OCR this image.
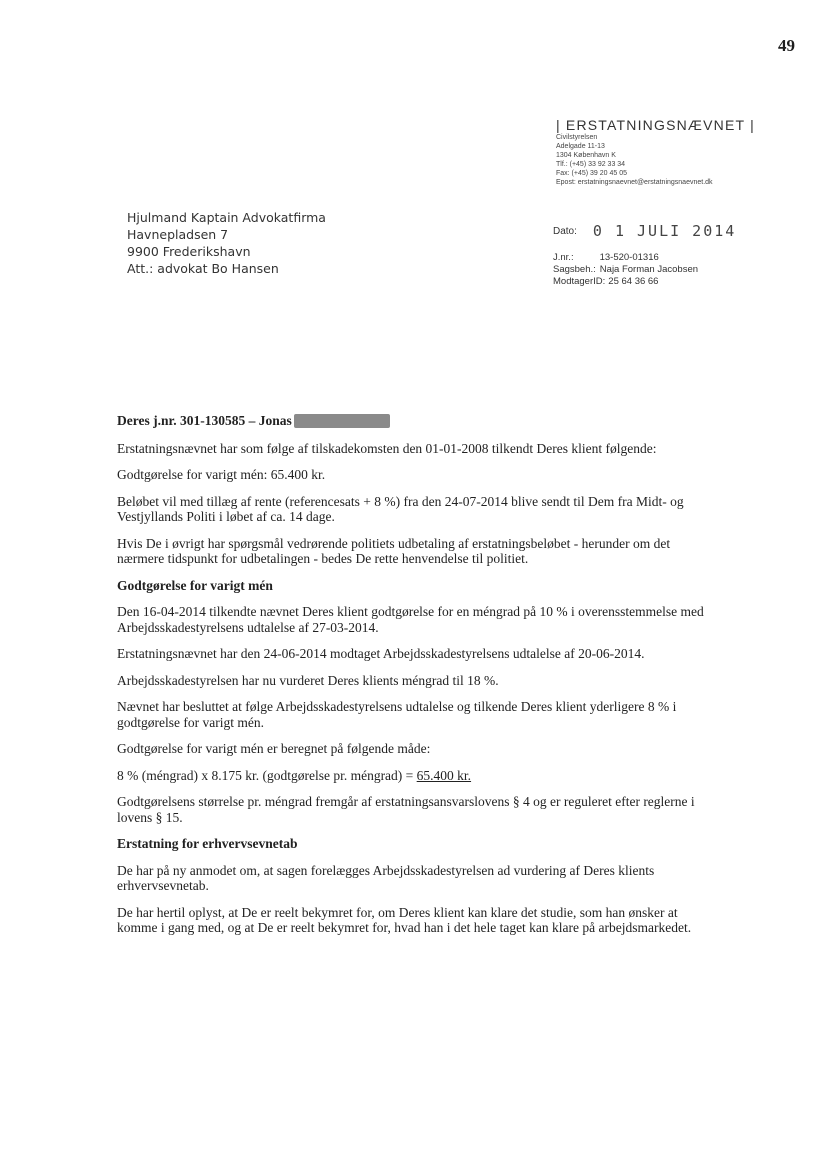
49
| ERSTATNINGSNÆVNET |
Civilstyrelsen
Adelgade 11-13
1304 København K
Tlf.: (+45) 33 92 33 34
Fax: (+45) 39 20 45 05
Epost: erstatningsnaevnet@erstatningsnaevnet.dk
Hjulmand Kaptain Advokatfirma
Havnepladsen 7
9900 Frederikshavn
Att.: advokat Bo Hansen
Dato: 0 1 JULI 2014
J.nr.:	13-520-01316
Sagsbeh.: Naja Forman Jacobsen
ModtagerID: 25 64 36 66
Deres j.nr. 301-130585 – Jonas

Erstatningsnævnet har som følge af tilskadekomsten den 01-01-2008 tilkendt Deres klient følgende:

Godtgørelse for varigt mén: 65.400 kr.

Beløbet vil med tillæg af rente (referencesats + 8 %) fra den 24-07-2014 blive sendt til Dem fra Midt- og Vestjyllands Politi i løbet af ca. 14 dage.

Hvis De i øvrigt har spørgsmål vedrørende politiets udbetaling af erstatningsbeløbet - herunder om det nærmere tidspunkt for udbetalingen - bedes De rette henvendelse til politiet.

Godtgørelse for varigt mén

Den 16-04-2014 tilkendte nævnet Deres klient godtgørelse for en méngrad på 10 % i overensstemmelse med Arbejdsskadestyrelsens udtalelse af 27-03-2014.

Erstatningsnævnet har den 24-06-2014 modtaget Arbejdsskadestyrelsens udtalelse af 20-06-2014.

Arbejdsskadestyrelsen har nu vurderet Deres klients méngrad til 18 %.

Nævnet har besluttet at følge Arbejdsskadestyrelsens udtalelse og tilkende Deres klient yderligere 8 % i godtgørelse for varigt mén.

Godtgørelse for varigt mén er beregnet på følgende måde:

8 % (méngrad) x 8.175 kr. (godtgørelse pr. méngrad) = 65.400 kr.

Godtgørelsens størrelse pr. méngrad fremgår af erstatningsansvarslovens § 4 og er reguleret efter reglerne i lovens § 15.

Erstatning for erhvervsevnetab

De har på ny anmodet om, at sagen forelægges Arbejdsskadestyrelsen ad vurdering af Deres klients erhvervsevnetab.

De har hertil oplyst, at De er reelt bekymret for, om Deres klient kan klare det studie, som han ønsker at komme i gang med, og at De er reelt bekymret for, hvad han i det hele taget kan klare på arbejdsmarkedet.
